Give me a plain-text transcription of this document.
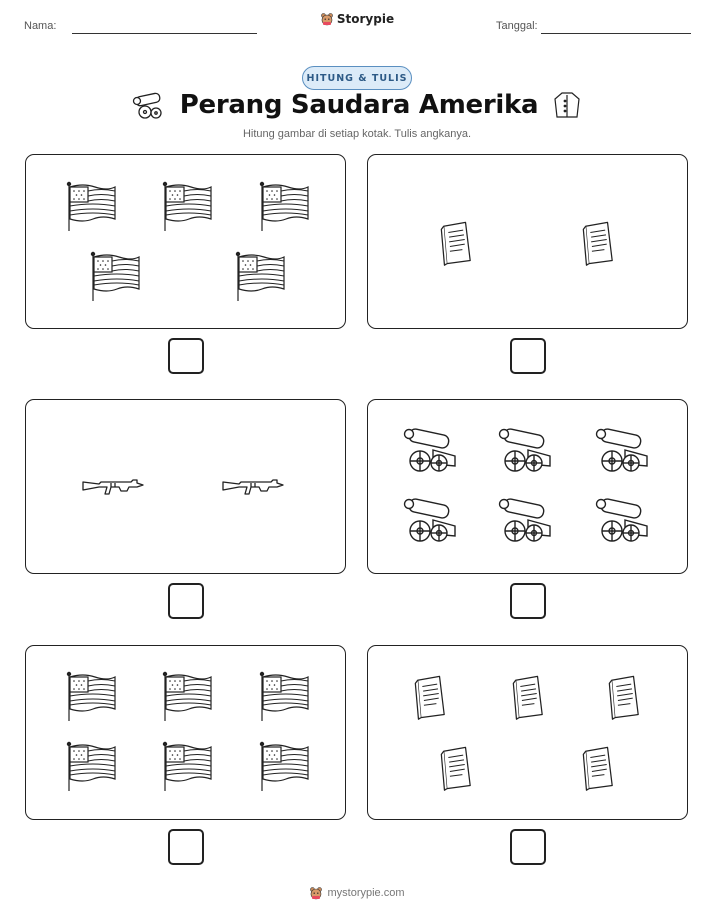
Nama:	Storypie	Tanggal:
HITUNG & TULIS
Perang Saudara Amerika
Hitung gambar di setiap kotak. Tulis angkanya.
mystorypie.com
